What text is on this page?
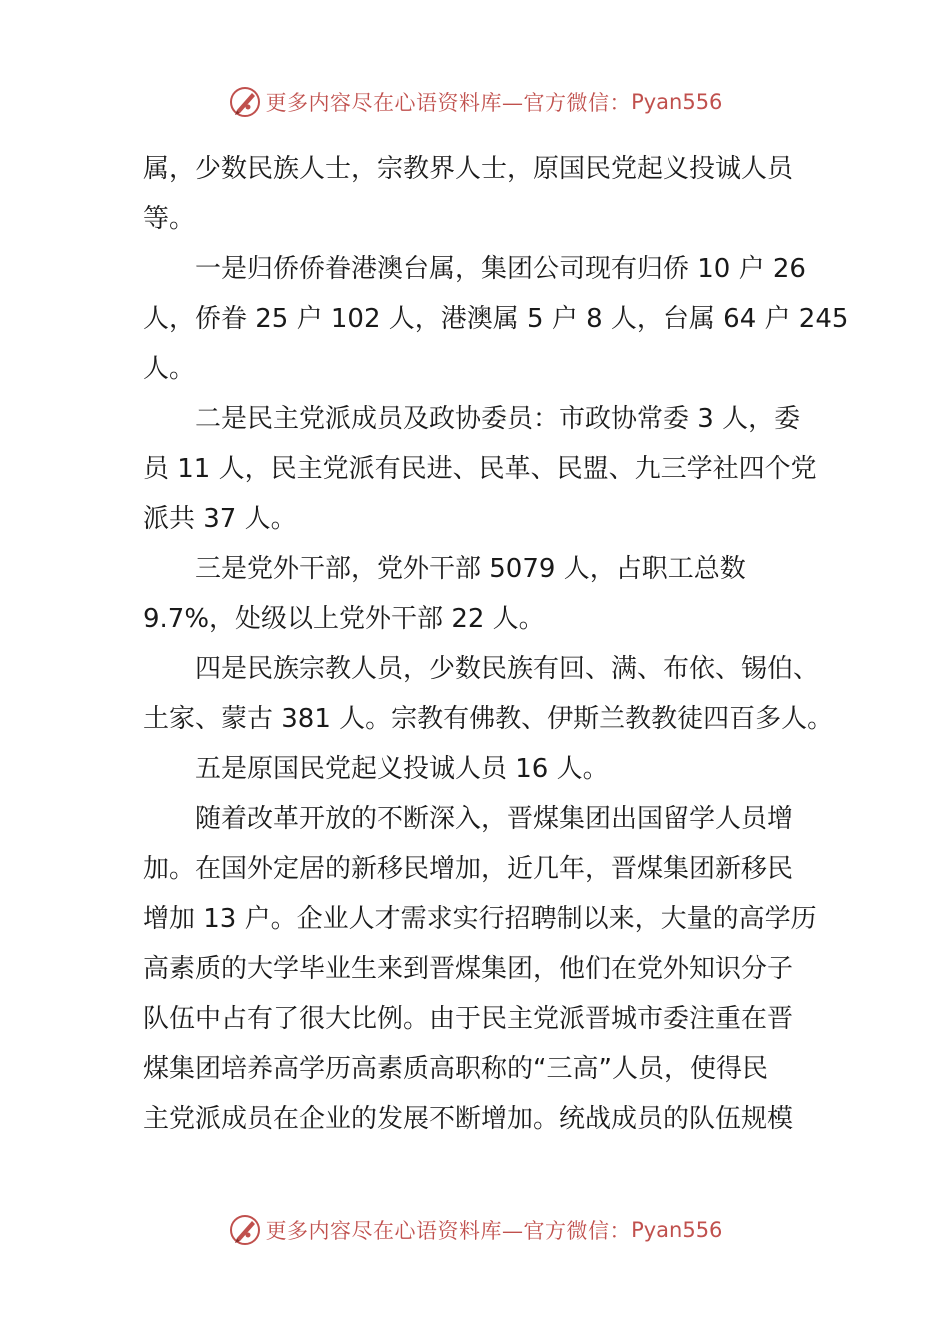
更多内容尽在心语资料库—官方微信： Pyan556
属，少数民族人士，宗教界人士，原国民党起义投诚人员
等。
一是归侨侨眷港澳台属，集团公司现有归侨 10 户 26
人，侨眷 25 户 102 人，港澳属 5 户 8 人，台属 64 户 245
人。
二是民主党派成员及政协委员：市政协常委 3 人，委
员 11 人，民主党派有民进、民革、民盟、九三学社四个党
派共 37 人。
三是党外干部，党外干部 5079 人，占职工总数
9.7%，处级以上党外干部 22 人。
四是民族宗教人员，少数民族有回、满、布依、锡伯、
土家、蒙古 381 人。宗教有佛教、伊斯兰教教徒四百多人。
五是原国民党起义投诚人员 16 人。
随着改革开放的不断深入，晋煤集团出国留学人员增
加。在国外定居的新移民增加，近几年，晋煤集团新移民
增加 13 户。企业人才需求实行招聘制以来，大量的高学历
高素质的大学毕业生来到晋煤集团，他们在党外知识分子
队伍中占有了很大比例。由于民主党派晋城市委注重在晋
煤集团培养高学历高素质高职称的“三高”人员，使得民
主党派成员在企业的发展不断增加。统战成员的队伍规模
更多内容尽在心语资料库—官方微信： Pyan556
